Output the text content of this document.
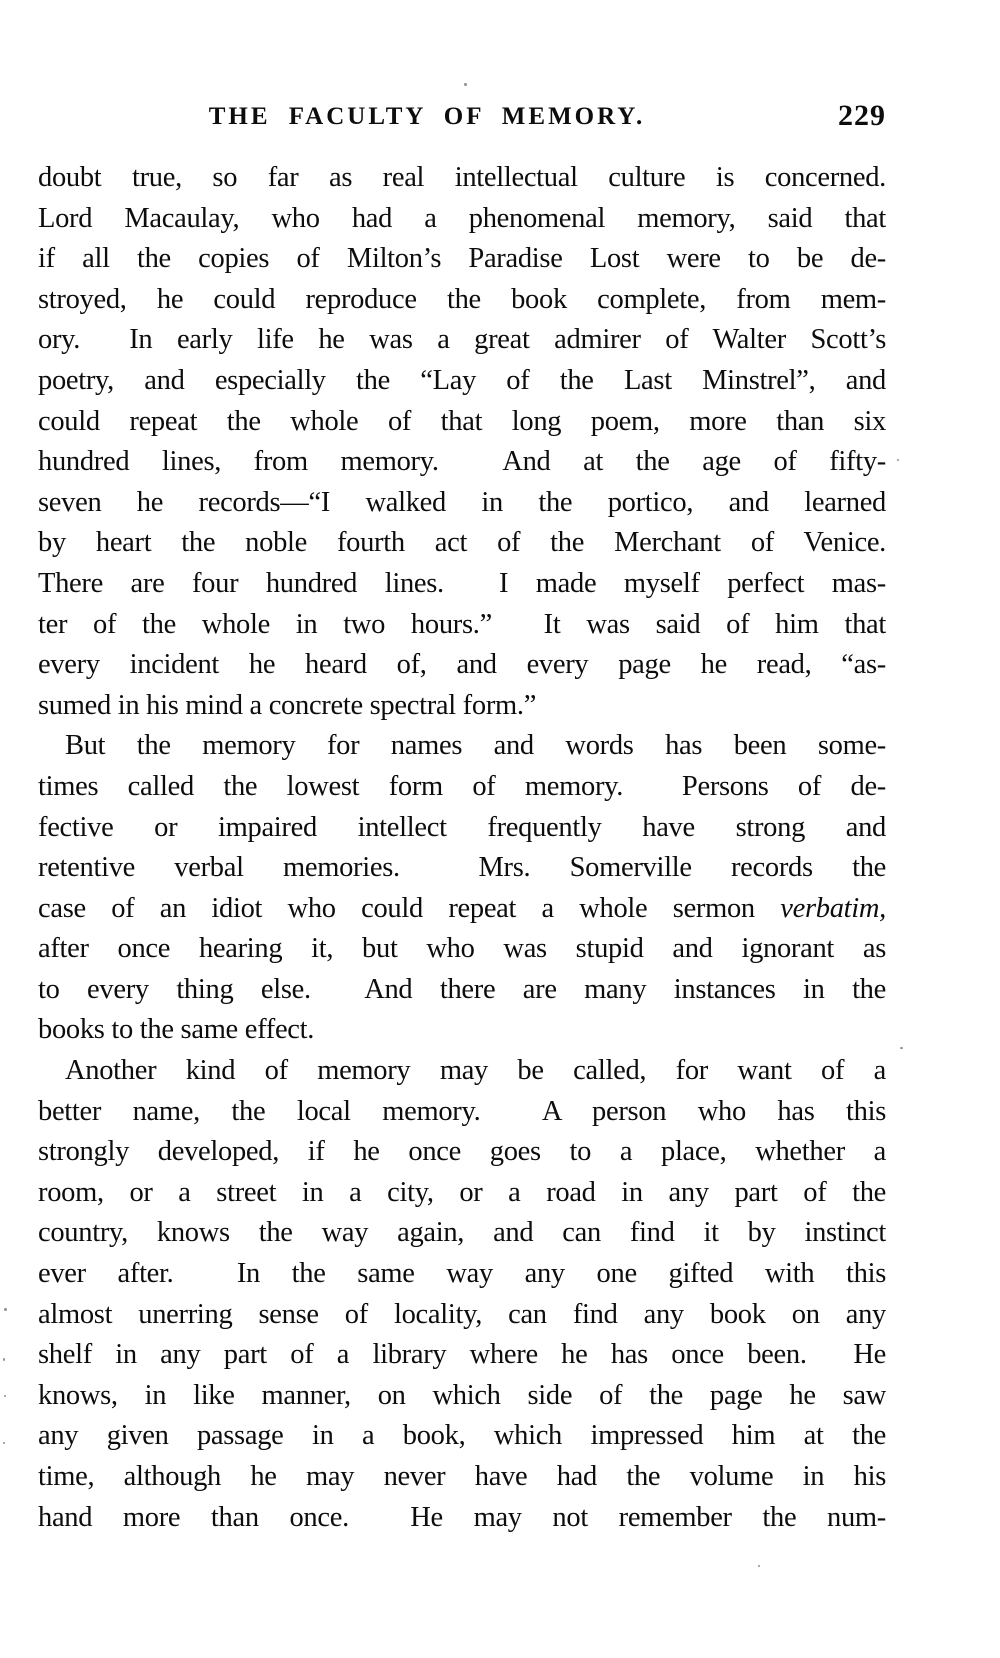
THE FACULTY OF MEMORY.	229
doubt true, so far as real intellectual culture is concerned.
Lord Macaulay, who had a phenomenal memory, said that
if all the copies of Milton’s Paradise Lost were to be de-
stroyed, he could reproduce the book complete, from mem-
ory.  In early life he was a great admirer of Walter Scott’s
poetry, and especially the “Lay of the Last Minstrel”, and
could repeat the whole of that long poem, more than six
hundred lines, from memory.  And at the age of fifty-
seven he records—“I walked in the portico, and learned
by heart the noble fourth act of the Merchant of Venice.
There are four hundred lines.  I made myself perfect mas-
ter of the whole in two hours.”  It was said of him that
every incident he heard of, and every page he read, “as-
sumed in his mind a concrete spectral form.”
But the memory for names and words has been some-
times called the lowest form of memory.  Persons of de-
fective or impaired intellect frequently have strong and
retentive verbal memories.  Mrs. Somerville records the
case of an idiot who could repeat a whole sermon verbatim,
after once hearing it, but who was stupid and ignorant as
to every thing else.  And there are many instances in the
books to the same effect.
Another kind of memory may be called, for want of a
better name, the local memory.  A person who has this
strongly developed, if he once goes to a place, whether a
room, or a street in a city, or a road in any part of the
country, knows the way again, and can find it by instinct
ever after.  In the same way any one gifted with this
almost unerring sense of locality, can find any book on any
shelf in any part of a library where he has once been.  He
knows, in like manner, on which side of the page he saw
any given passage in a book, which impressed him at the
time, although he may never have had the volume in his
hand more than once.  He may not remember the num-
